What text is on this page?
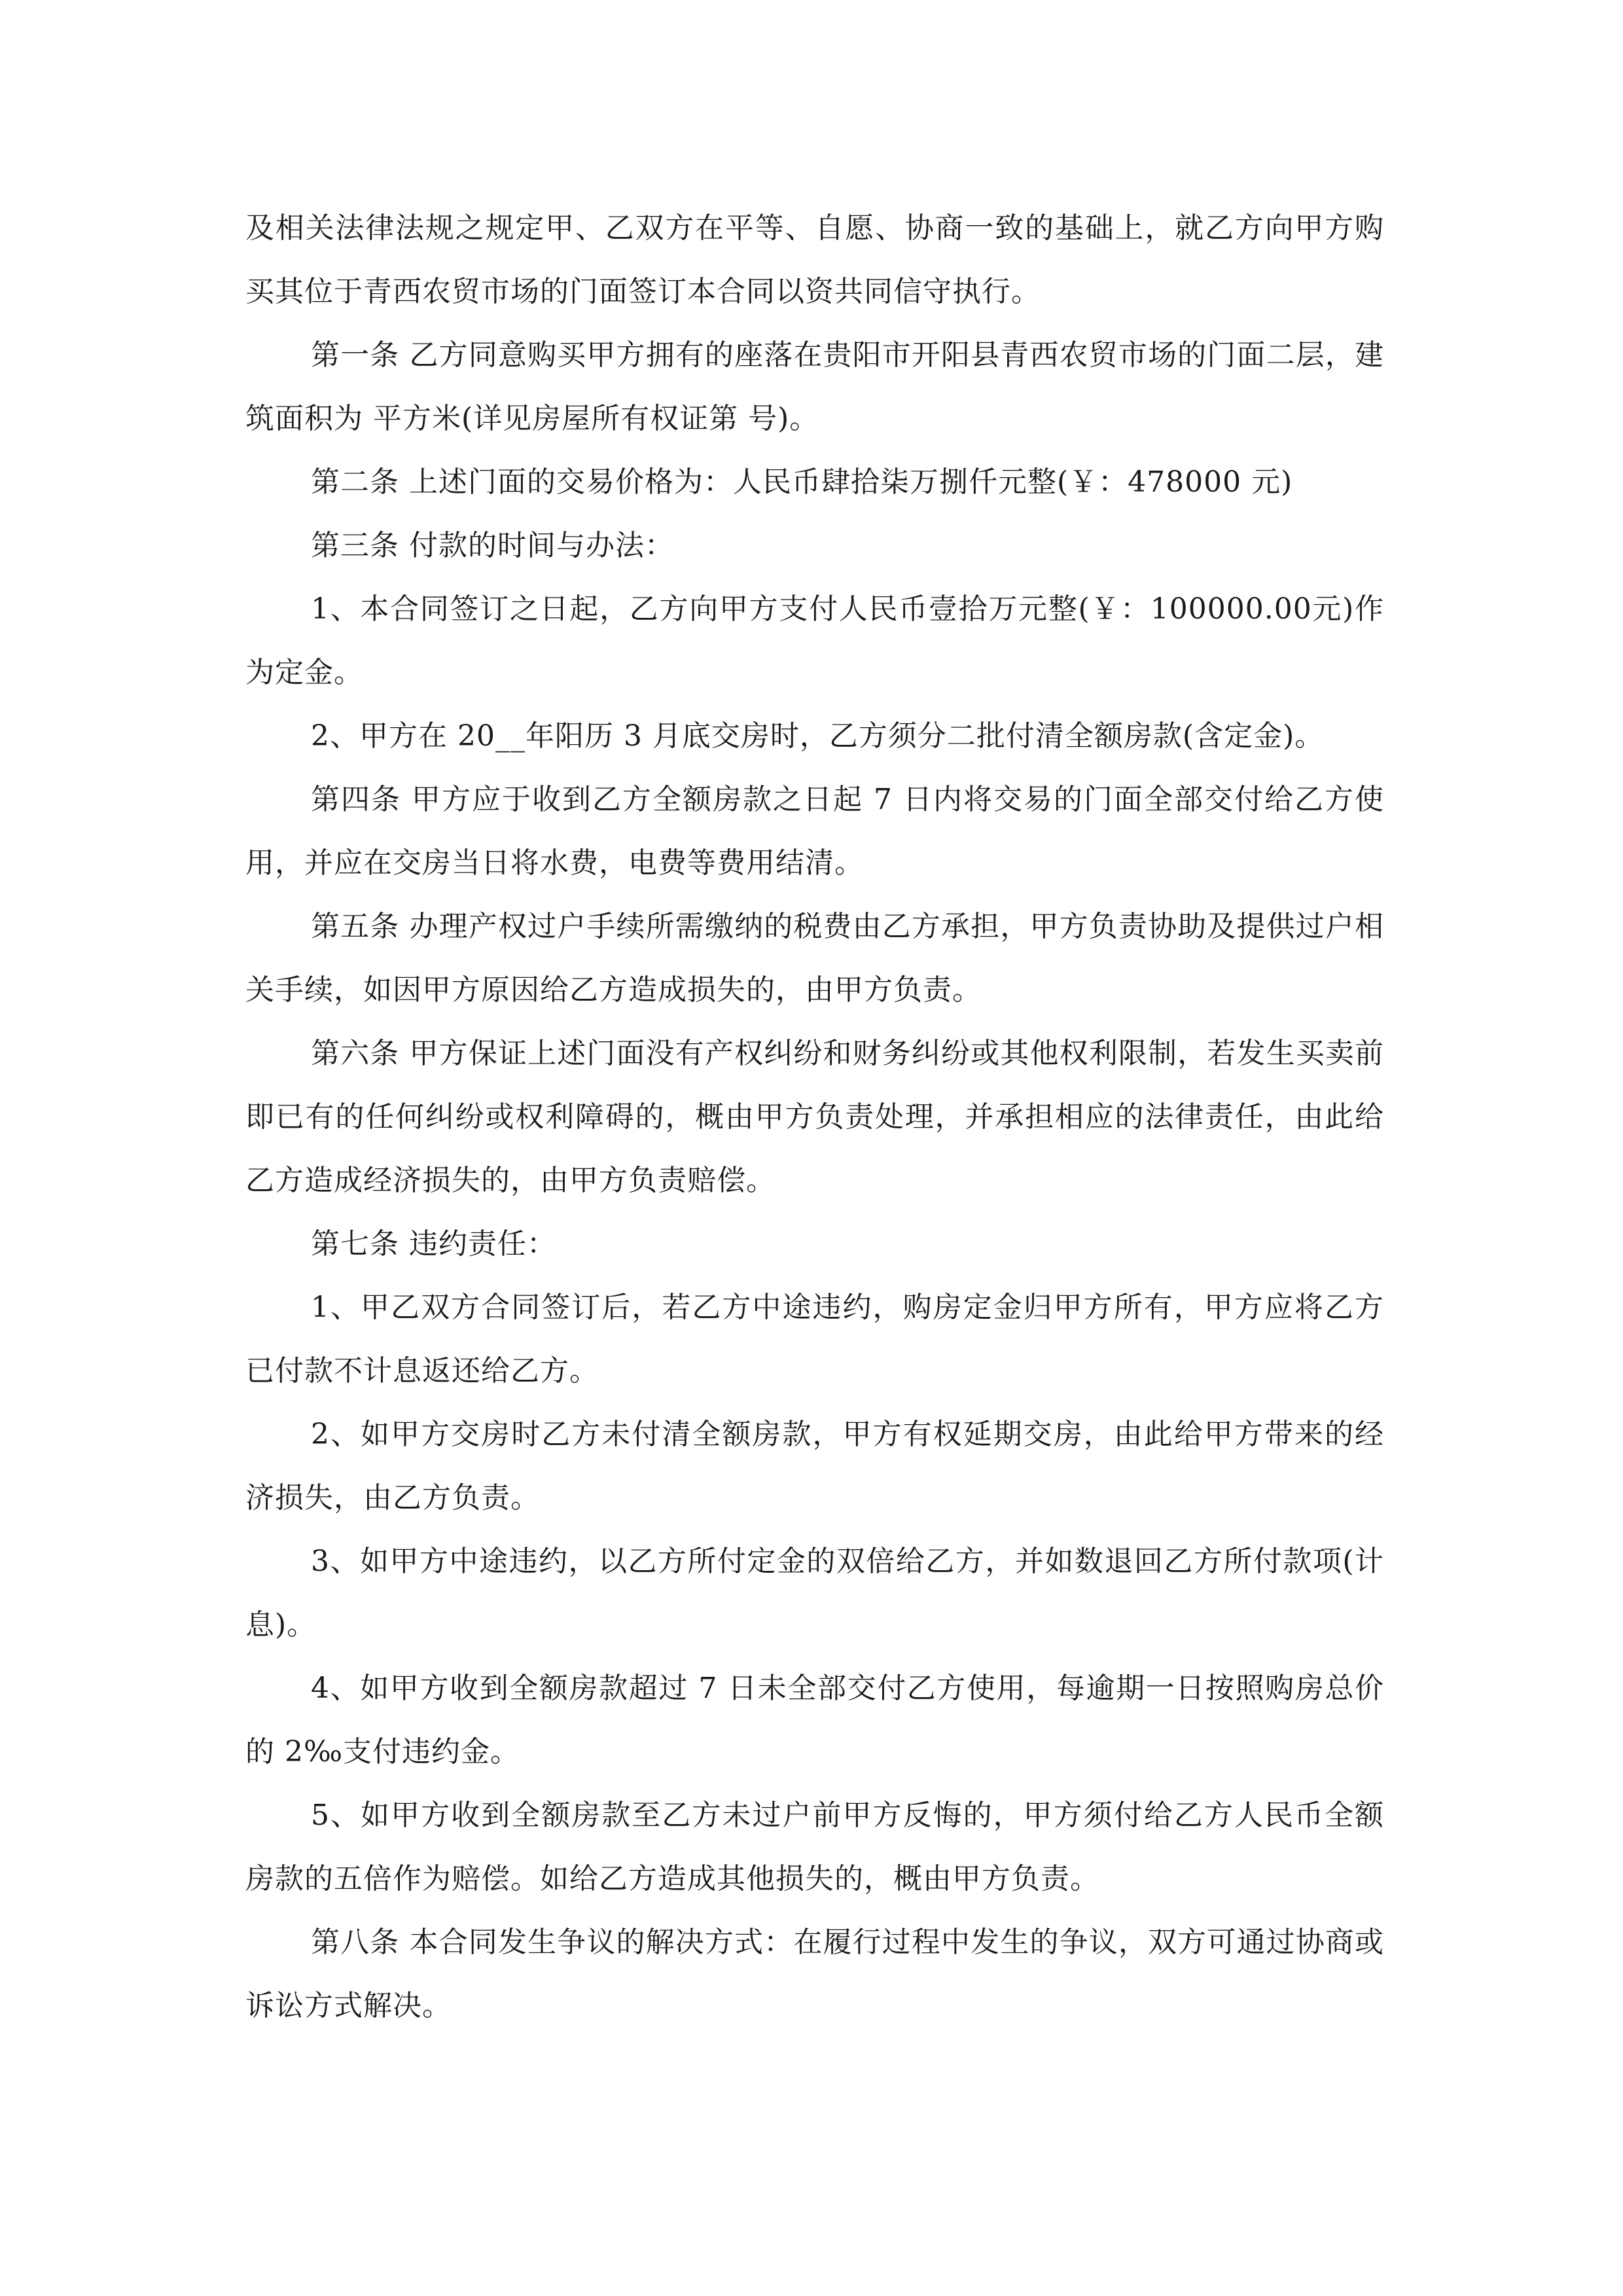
及相关法律法规之规定甲、乙双方在平等、自愿、协商一致的基础上，就乙方向甲方购买其位于青西农贸市场的门面签订本合同以资共同信守执行。

第一条 乙方同意购买甲方拥有的座落在贵阳市开阳县青西农贸市场的门面二层，建筑面积为 平方米(详见房屋所有权证第 号)。

第二条 上述门面的交易价格为：人民币肆拾柒万捌仟元整(￥：478000 元)

第三条 付款的时间与办法：

1、本合同签订之日起，乙方向甲方支付人民币壹拾万元整(￥：100000.00元)作为定金。

2、甲方在 20__年阳历 3 月底交房时，乙方须分二批付清全额房款(含定金)。

第四条 甲方应于收到乙方全额房款之日起 7 日内将交易的门面全部交付给乙方使用，并应在交房当日将水费，电费等费用结清。

第五条 办理产权过户手续所需缴纳的税费由乙方承担，甲方负责协助及提供过户相关手续，如因甲方原因给乙方造成损失的，由甲方负责。

第六条 甲方保证上述门面没有产权纠纷和财务纠纷或其他权利限制，若发生买卖前即已有的任何纠纷或权利障碍的，概由甲方负责处理，并承担相应的法律责任，由此给乙方造成经济损失的，由甲方负责赔偿。

第七条 违约责任：

1、甲乙双方合同签订后，若乙方中途违约，购房定金归甲方所有，甲方应将乙方已付款不计息返还给乙方。

2、如甲方交房时乙方未付清全额房款，甲方有权延期交房，由此给甲方带来的经济损失，由乙方负责。

3、如甲方中途违约，以乙方所付定金的双倍给乙方，并如数退回乙方所付款项(计息)。

4、如甲方收到全额房款超过 7 日未全部交付乙方使用，每逾期一日按照购房总价的 2‰支付违约金。

5、如甲方收到全额房款至乙方未过户前甲方反悔的，甲方须付给乙方人民币全额房款的五倍作为赔偿。如给乙方造成其他损失的，概由甲方负责。

第八条 本合同发生争议的解决方式：在履行过程中发生的争议，双方可通过协商或诉讼方式解决。
